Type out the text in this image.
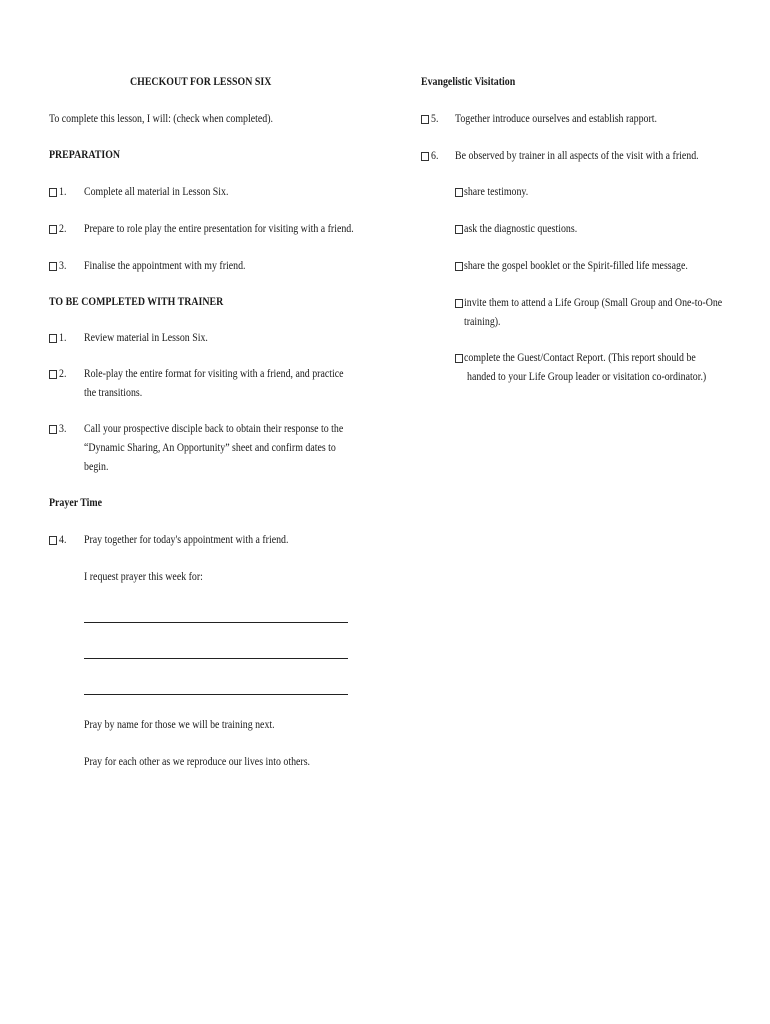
CHECKOUT FOR LESSON SIX
To complete this lesson, I will: (check when completed).
PREPARATION
1. Complete all material in Lesson Six.
2. Prepare to role play the entire presentation for visiting with a friend.
3. Finalise the appointment with my friend.
TO BE COMPLETED WITH TRAINER
1. Review material in Lesson Six.
2. Role-play the entire format for visiting with a friend, and practice
the transitions.
3. Call your prospective disciple back to obtain their response to the
“Dynamic Sharing, An Opportunity” sheet and confirm dates to
begin.
Prayer Time
4. Pray together for today's appointment with a friend.
I request prayer this week for:
Pray by name for those we will be training next.
Pray for each other as we reproduce our lives into others.
Evangelistic Visitation
5. Together introduce ourselves and establish rapport.
6. Be observed by trainer in all aspects of the visit with a friend.
share testimony.
ask the diagnostic questions.
share the gospel booklet or the Spirit-filled life message.
invite them to attend a Life Group (Small Group and One-to-One
training).
complete the Guest/Contact Report. (This report should be
handed to your Life Group leader or visitation co-ordinator.)
